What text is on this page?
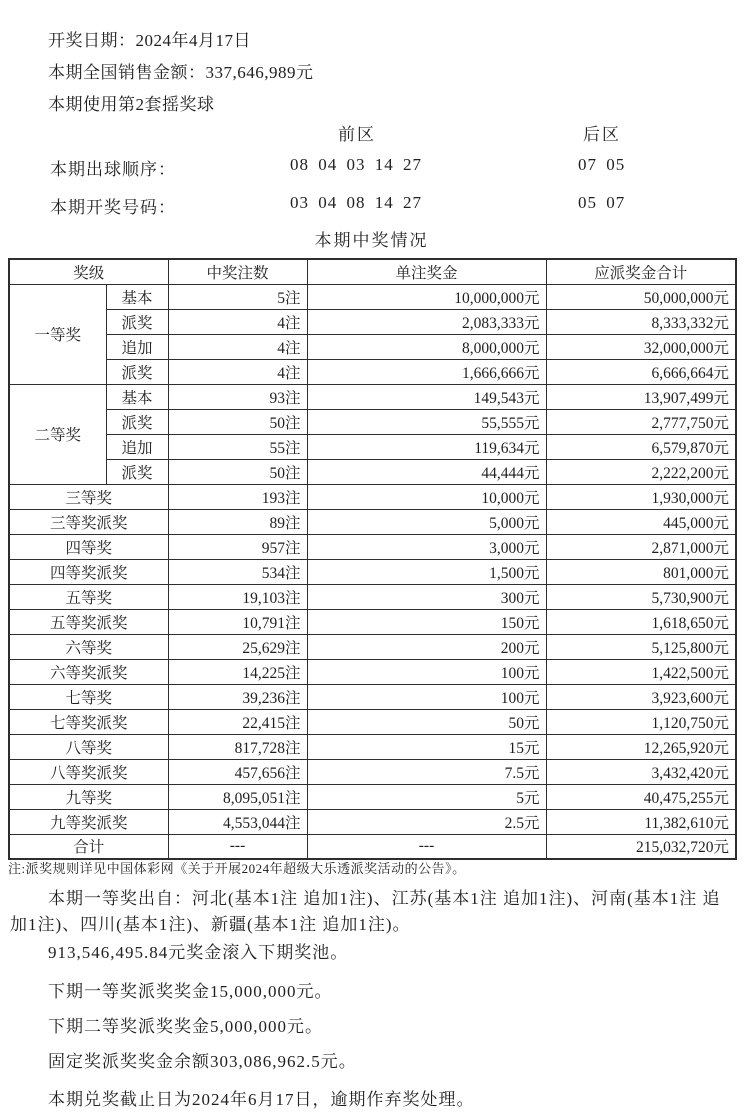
开奖日期：2024年4月17日
本期全国销售金额：337,646,989元
本期使用第2套摇奖球
前区	后区
本期出球顺序：	08 04 03 14 27	07 05
本期开奖号码：	03 04 08 14 27	05 07
本期中奖情况
奖级		中奖注数	单注奖金	应派奖金合计
一等奖	基本	5注	10,000,000元	50,000,000元
	派奖	4注	2,083,333元	8,333,332元
	追加	4注	8,000,000元	32,000,000元
	派奖	4注	1,666,666元	6,666,664元
二等奖	基本	93注	149,543元	13,907,499元
	派奖	50注	55,555元	2,777,750元
	追加	55注	119,634元	6,579,870元
	派奖	50注	44,444元	2,222,200元
三等奖		193注	10,000元	1,930,000元
三等奖派奖		89注	5,000元	445,000元
四等奖		957注	3,000元	2,871,000元
四等奖派奖		534注	1,500元	801,000元
五等奖		19,103注	300元	5,730,900元
五等奖派奖		10,791注	150元	1,618,650元
六等奖		25,629注	200元	5,125,800元
六等奖派奖		14,225注	100元	1,422,500元
七等奖		39,236注	100元	3,923,600元
七等奖派奖		22,415注	50元	1,120,750元
八等奖		817,728注	15元	12,265,920元
八等奖派奖		457,656注	7.5元	3,432,420元
九等奖		8,095,051注	5元	40,475,255元
九等奖派奖		4,553,044注	2.5元	11,382,610元
合计		---	---	215,032,720元
注:派奖规则详见中国体彩网《关于开展2024年超级大乐透派奖活动的公告》。
本期一等奖出自：河北(基本1注 追加1注)、江苏(基本1注 追加1注)、河南(基本1注 追
加1注)、四川(基本1注)、新疆(基本1注 追加1注)。
913,546,495.84元奖金滚入下期奖池。
下期一等奖派奖奖金15,000,000元。
下期二等奖派奖奖金5,000,000元。
固定奖派奖奖金余额303,086,962.5元。
本期兑奖截止日为2024年6月17日，逾期作弃奖处理。
